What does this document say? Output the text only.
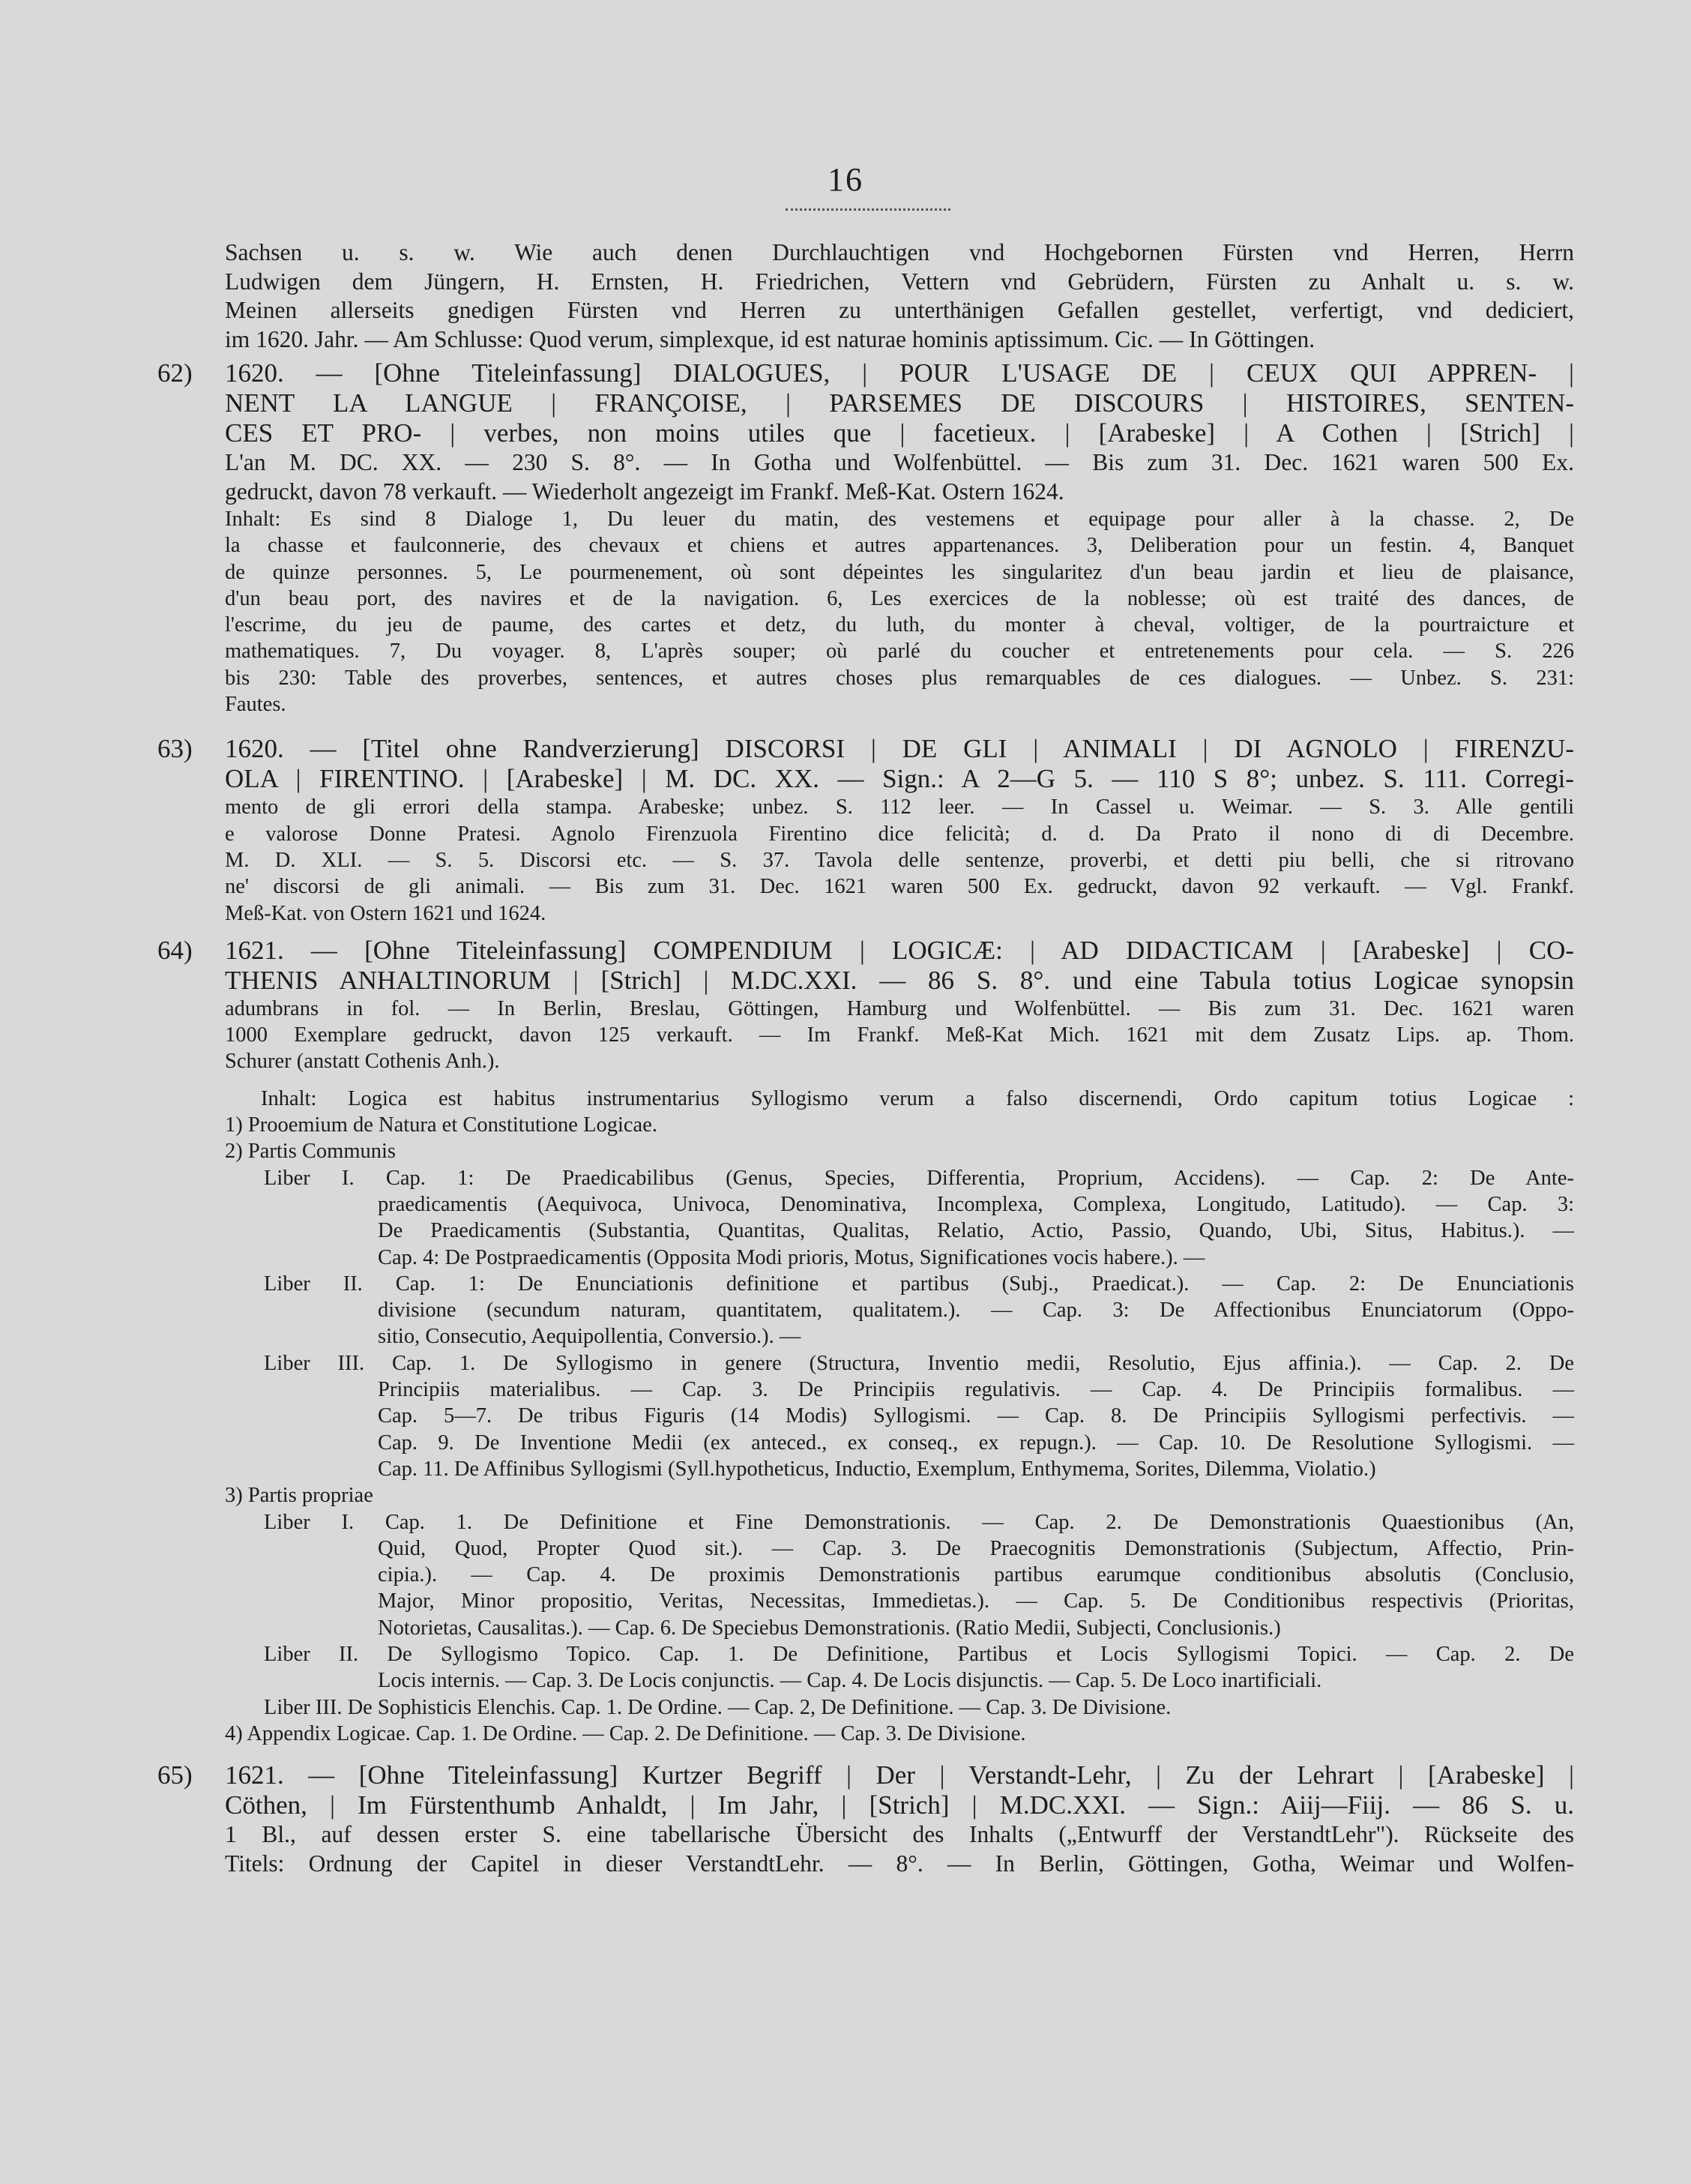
16

Sachsen u. s. w. Wie auch denen Durchlauchtigen vnd Hochgebornen Fürsten vnd Herren, Herrn

Ludwigen dem Jüngern, H. Ernsten, H. Friedrichen, Vettern vnd Gebrüdern, Fürsten zu Anhalt u. s. w.

Meinen allerseits gnedigen Fürsten vnd Herren zu unterthänigen Gefallen gestellet, verfertigt, vnd dediciert,

im 1620. Jahr. — Am Schlusse: Quod verum, simplexque, id est naturae hominis aptissimum. Cic. — In Göttingen.

62) 1620. — [Ohne Titeleinfassung] DIALOGUES, | POUR L'USAGE DE | CEUX QUI APPREN- |

NENT LA LANGUE | FRANÇOISE, | PARSEMES DE DISCOURS | HISTOIRES, SENTEN-

CES ET PRO- | verbes, non moins utiles que | facetieux. | [Arabeske] | A Cothen | [Strich] |

L'an M. DC. XX. — 230 S. 8°. — In Gotha und Wolfenbüttel. — Bis zum 31. Dec. 1621 waren 500 Ex.

gedruckt, davon 78 verkauft. — Wiederholt angezeigt im Frankf. Meß-Kat. Ostern 1624.

Inhalt: Es sind 8 Dialoge 1, Du leuer du matin, des vestemens et equipage pour aller à la chasse. 2, De

la chasse et faulconnerie, des chevaux et chiens et autres appartenances. 3, Deliberation pour un festin. 4, Banquet

de quinze personnes. 5, Le pourmenement, où sont dépeintes les singularitez d'un beau jardin et lieu de plaisance,

d'un beau port, des navires et de la navigation. 6, Les exercices de la noblesse; où est traité des dances, de

l'escrime, du jeu de paume, des cartes et detz, du luth, du monter à cheval, voltiger, de la pourtraicture et

mathematiques. 7, Du voyager. 8, L'après souper; où parlé du coucher et entretenements pour cela. — S. 226

bis 230: Table des proverbes, sentences, et autres choses plus remarquables de ces dialogues. — Unbez. S. 231:

Fautes.

63) 1620. — [Titel ohne Randverzierung] DISCORSI | DE GLI | ANIMALI | DI AGNOLO | FIRENZU-

OLA | FIRENTINO. | [Arabeske] | M. DC. XX. — Sign.: A 2—G 5. — 110 S 8°; unbez. S. 111. Corregi-

mento de gli errori della stampa. Arabeske; unbez. S. 112 leer. — In Cassel u. Weimar. — S. 3. Alle gentili

e valorose Donne Pratesi. Agnolo Firenzuola Firentino dice felicità; d. d. Da Prato il nono di di Decembre.

M. D. XLI. — S. 5. Discorsi etc. — S. 37. Tavola delle sentenze, proverbi, et detti piu belli, che si ritrovano

ne' discorsi de gli animali. — Bis zum 31. Dec. 1621 waren 500 Ex. gedruckt, davon 92 verkauft. — Vgl. Frankf.

Meß-Kat. von Ostern 1621 und 1624.

64) 1621. — [Ohne Titeleinfassung] COMPENDIUM | LOGICÆ: | AD DIDACTICAM | [Arabeske] | CO-

THENIS ANHALTINORUM | [Strich] | M.DC.XXI. — 86 S. 8°. und eine Tabula totius Logicae synopsin

adumbrans in fol. — In Berlin, Breslau, Göttingen, Hamburg und Wolfenbüttel. — Bis zum 31. Dec. 1621 waren

1000 Exemplare gedruckt, davon 125 verkauft. — Im Frankf. Meß-Kat Mich. 1621 mit dem Zusatz Lips. ap. Thom.

Schurer (anstatt Cothenis Anh.).

Inhalt: Logica est habitus instrumentarius Syllogismo verum a falso discernendi, Ordo capitum totius Logicae :

1) Prooemium de Natura et Constitutione Logicae.

2) Partis Communis

Liber I. Cap. 1: De Praedicabilibus (Genus, Species, Differentia, Proprium, Accidens). — Cap. 2: De Ante-

praedicamentis (Aequivoca, Univoca, Denominativa, Incomplexa, Complexa, Longitudo, Latitudo). — Cap. 3:

De Praedicamentis (Substantia, Quantitas, Qualitas, Relatio, Actio, Passio, Quando, Ubi, Situs, Habitus.). —

Cap. 4: De Postpraedicamentis (Opposita Modi prioris, Motus, Significationes vocis habere.). —

Liber II. Cap. 1: De Enunciationis definitione et partibus (Subj., Praedicat.). — Cap. 2: De Enunciationis

divisione (secundum naturam, quantitatem, qualitatem.). — Cap. 3: De Affectionibus Enunciatorum (Oppo-

sitio, Consecutio, Aequipollentia, Conversio.). —

Liber III. Cap. 1. De Syllogismo in genere (Structura, Inventio medii, Resolutio, Ejus affinia.). — Cap. 2. De

Principiis materialibus. — Cap. 3. De Principiis regulativis. — Cap. 4. De Principiis formalibus. —

Cap. 5—7. De tribus Figuris (14 Modis) Syllogismi. — Cap. 8. De Principiis Syllogismi perfectivis. —

Cap. 9. De Inventione Medii (ex anteced., ex conseq., ex repugn.). — Cap. 10. De Resolutione Syllogismi. —

Cap. 11. De Affinibus Syllogismi (Syll.hypotheticus, Inductio, Exemplum, Enthymema, Sorites, Dilemma, Violatio.)

3) Partis propriae

Liber I. Cap. 1. De Definitione et Fine Demonstrationis. — Cap. 2. De Demonstrationis Quaestionibus (An,

Quid, Quod, Propter Quod sit.). — Cap. 3. De Praecognitis Demonstrationis (Subjectum, Affectio, Prin-

cipia.). — Cap. 4. De proximis Demonstrationis partibus earumque conditionibus absolutis (Conclusio,

Major, Minor propositio, Veritas, Necessitas, Immedietas.). — Cap. 5. De Conditionibus respectivis (Prioritas,

Notorietas, Causalitas.). — Cap. 6. De Speciebus Demonstrationis. (Ratio Medii, Subjecti, Conclusionis.)

Liber II. De Syllogismo Topico. Cap. 1. De Definitione, Partibus et Locis Syllogismi Topici. — Cap. 2. De

Locis internis. — Cap. 3. De Locis conjunctis. — Cap. 4. De Locis disjunctis. — Cap. 5. De Loco inartificiali.

Liber III. De Sophisticis Elenchis. Cap. 1. De Ordine. — Cap. 2, De Definitione. — Cap. 3. De Divisione.

4) Appendix Logicae. Cap. 1. De Ordine. — Cap. 2. De Definitione. — Cap. 3. De Divisione.

65) 1621. — [Ohne Titeleinfassung] Kurtzer Begriff | Der | Verstandt-Lehr, | Zu der Lehrart | [Arabeske] |

Cöthen, | Im Fürstenthumb Anhaldt, | Im Jahr, | [Strich] | M.DC.XXI. — Sign.: Aiij—Fiij. — 86 S. u.

1 Bl., auf dessen erster S. eine tabellarische Übersicht des Inhalts („Entwurff der VerstandtLehr"). Rückseite des

Titels: Ordnung der Capitel in dieser VerstandtLehr. — 8°. — In Berlin, Göttingen, Gotha, Weimar und Wolfen-
